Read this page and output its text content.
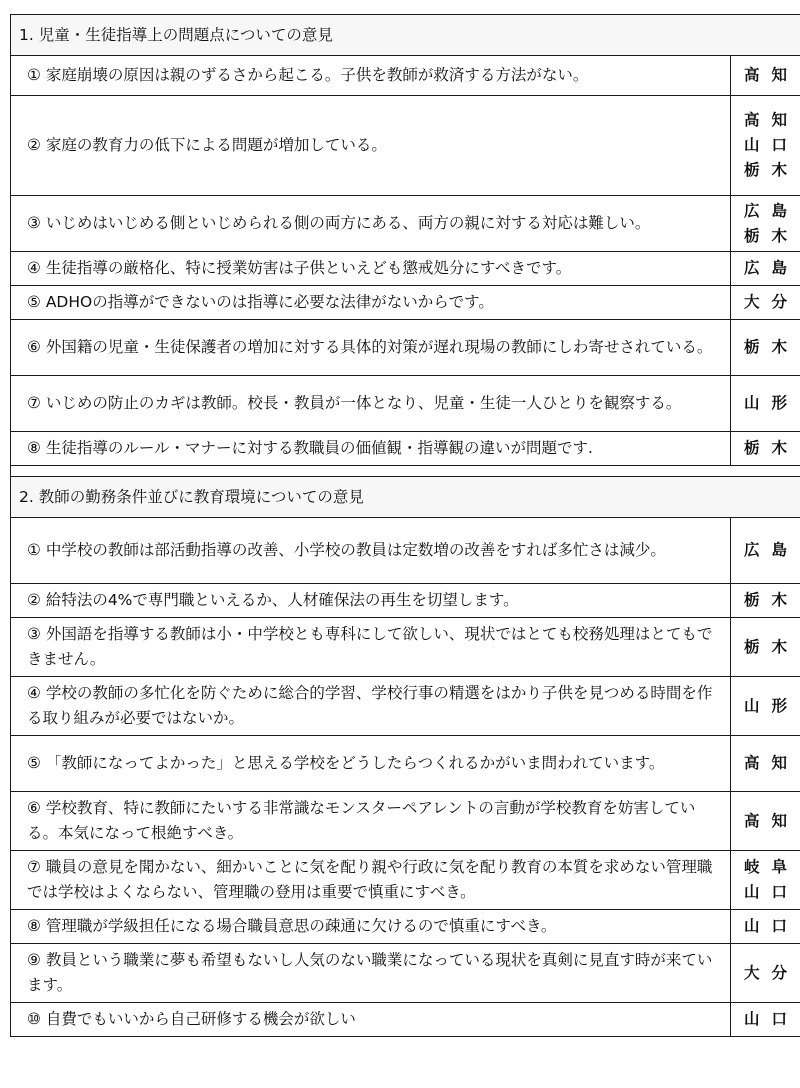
1. 児童・生徒指導上の問題点についての意見	
① 家庭崩壊の原因は親のずるさから起こる。子供を教師が救済する方法がない。	高知

② 家庭の教育力の低下による問題が増加している。	高知
山口
栃木

③ いじめはいじめる側といじめられる側の両方にある、両方の親に対する対応は難しい。	広島
栃木

④ 生徒指導の厳格化、特に授業妨害は子供といえども懲戒処分にすべきです。	広島

⑤ ADHOの指導ができないのは指導に必要な法律がないからです。	大分

⑥ 外国籍の児童・生徒保護者の増加に対する具体的対策が遅れ現場の教師にしわ寄せされている。	栃木

⑦ いじめの防止のカギは教師。校長・教員が一体となり、児童・生徒一人ひとりを観察する。	山形

⑧ 生徒指導のルール・マナーに対する教職員の価値観・指導観の違いが問題です.	栃木

2. 教師の勤務条件並びに教育環境についての意見	
① 中学校の教師は部活動指導の改善、小学校の教員は定数増の改善をすれば多忙さは減少。	広島

② 給特法の4%で専門職といえるか、人材確保法の再生を切望します。	栃木

③ 外国語を指導する教師は小・中学校とも専科にして欲しい、現状ではとても校務処理はとてもできません。	栃木

④ 学校の教師の多忙化を防ぐために総合的学習、学校行事の精選をはかり子供を見つめる時間を作る取り組みが必要ではないか。	山形

⑤ 「教師になってよかった」と思える学校をどうしたらつくれるかがいま問われています。	高知

⑥ 学校教育、特に教師にたいする非常識なモンスターペアレントの言動が学校教育を妨害している。本気になって根絶すべき。	高知

⑦ 職員の意見を聞かない、細かいことに気を配り親や行政に気を配り教育の本質を求めない管理職では学校はよくならない、管理職の登用は重要で慎重にすべき。	岐阜
山口

⑧ 管理職が学級担任になる場合職員意思の疎通に欠けるので慎重にすべき。	山口

⑨ 教員という職業に夢も希望もないし人気のない職業になっている現状を真剣に見直す時が来ています。	大分

⑩ 自費でもいいから自己研修する機会が欲しい	山口
